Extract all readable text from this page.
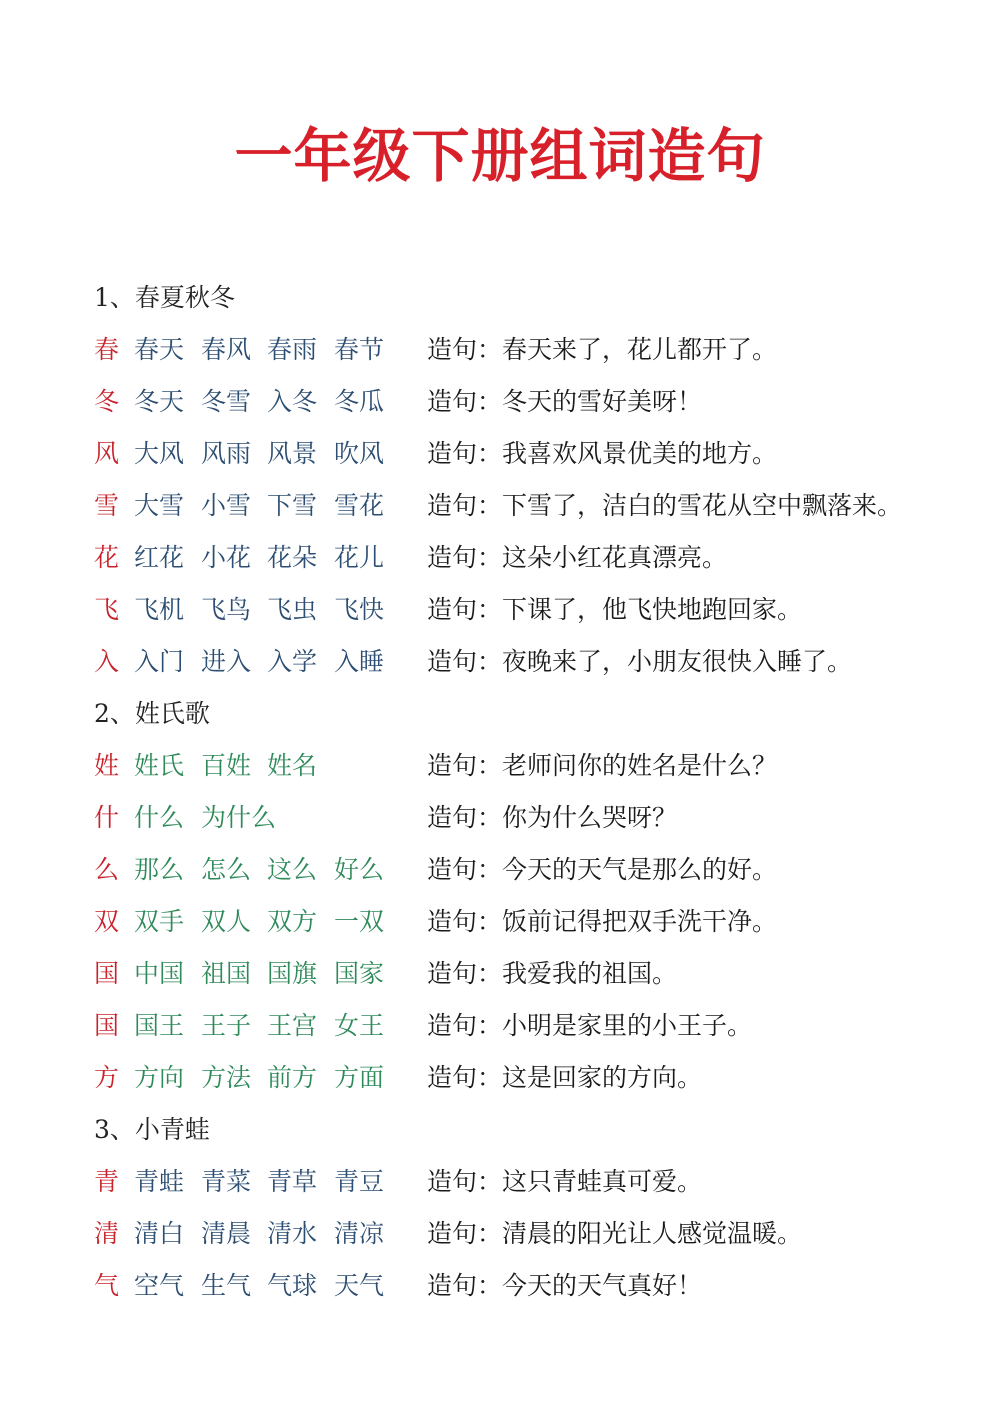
一年级下册组词造句
1、春夏秋冬
春 春天 春风 春雨 春节 造句：春天来了，花儿都开了。
冬 冬天 冬雪 入冬 冬瓜 造句：冬天的雪好美呀！
风 大风 风雨 风景 吹风 造句：我喜欢风景优美的地方。
雪 大雪 小雪 下雪 雪花 造句：下雪了，洁白的雪花从空中飘落来。
花 红花 小花 花朵 花儿 造句：这朵小红花真漂亮。
飞 飞机 飞鸟 飞虫 飞快 造句：下课了，他飞快地跑回家。
入 入门 进入 入学 入睡 造句：夜晚来了，小朋友很快入睡了。
2、姓氏歌
姓 姓氏 百姓 姓名	造句：老师问你的姓名是什么？
什 什么 为什么	造句：你为什么哭呀？
么 那么 怎么 这么 好么 造句：今天的天气是那么的好。
双 双手 双人 双方 一双 造句：饭前记得把双手洗干净。
国 中国 祖国 国旗 国家 造句：我爱我的祖国。
国 国王 王子 王宫 女王 造句：小明是家里的小王子。
方 方向 方法 前方 方面 造句：这是回家的方向。
3、小青蛙
青 青蛙 青菜 青草 青豆 造句：这只青蛙真可爱。
清 清白 清晨 清水 清凉 造句：清晨的阳光让人感觉温暖。
气 空气 生气 气球 天气 造句：今天的天气真好！
